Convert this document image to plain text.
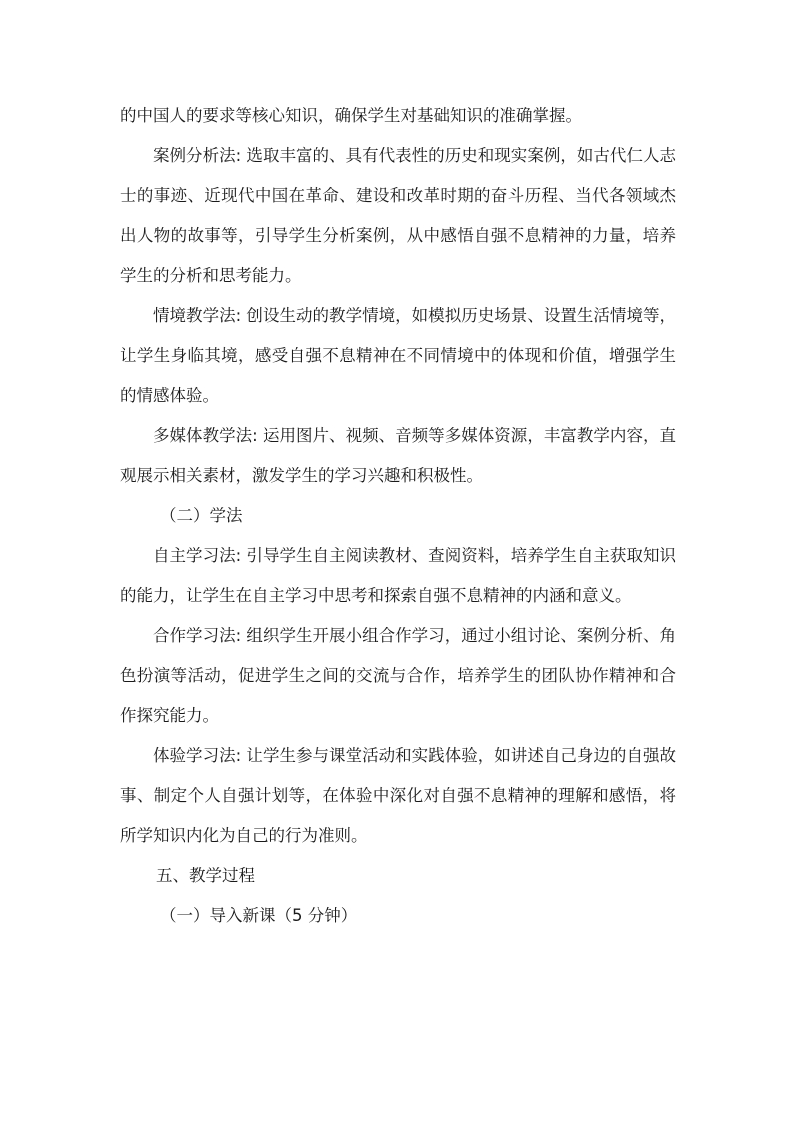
的中国人的要求等核心知识，确保学生对基础知识的准确掌握。

案例分析法: 选取丰富的、具有代表性的历史和现实案例，如古代仁人志士的事迹、近现代中国在革命、建设和改革时期的奋斗历程、当代各领域杰出人物的故事等，引导学生分析案例，从中感悟自强不息精神的力量，培养学生的分析和思考能力。

情境教学法: 创设生动的教学情境，如模拟历史场景、设置生活情境等，让学生身临其境，感受自强不息精神在不同情境中的体现和价值，增强学生的情感体验。

多媒体教学法: 运用图片、视频、音频等多媒体资源，丰富教学内容，直观展示相关素材，激发学生的学习兴趣和积极性。

（二）学法

自主学习法: 引导学生自主阅读教材、查阅资料，培养学生自主获取知识的能力，让学生在自主学习中思考和探索自强不息精神的内涵和意义。

合作学习法: 组织学生开展小组合作学习，通过小组讨论、案例分析、角色扮演等活动，促进学生之间的交流与合作，培养学生的团队协作精神和合作探究能力。

体验学习法: 让学生参与课堂活动和实践体验，如讲述自己身边的自强故事、制定个人自强计划等，在体验中深化对自强不息精神的理解和感悟，将所学知识内化为自己的行为准则。

五、教学过程

（一）导入新课（5 分钟）
